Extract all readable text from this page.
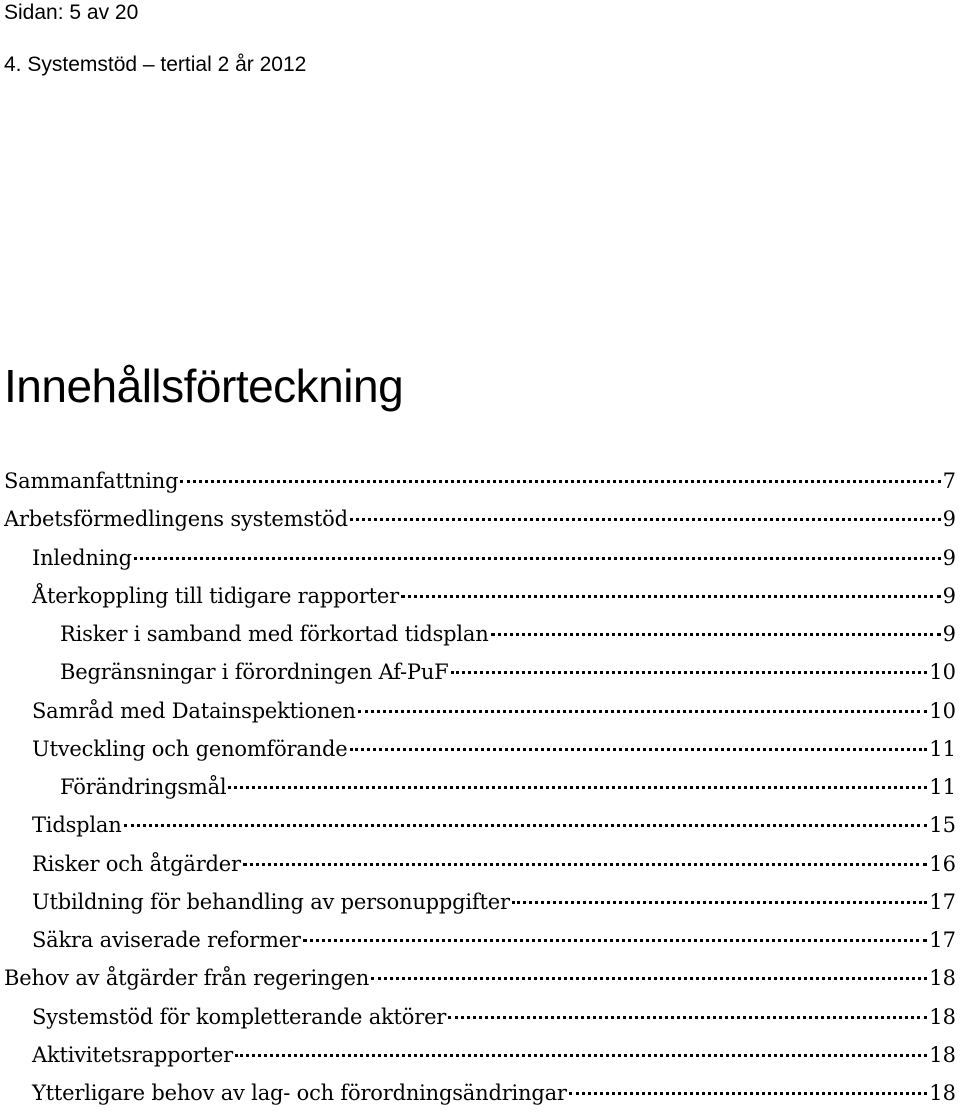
Sidan: 5 av 20
4. Systemstöd – tertial 2 år 2012
Innehållsförteckning
Sammanfattning	7
Arbetsförmedlingens systemstöd	9
Inledning	9
Återkoppling till tidigare rapporter	9
Risker i samband med förkortad tidsplan	9
Begränsningar i förordningen Af-PuF	10
Samråd med Datainspektionen	10
Utveckling och genomförande	11
Förändringsmål	11
Tidsplan	15
Risker och åtgärder	16
Utbildning för behandling av personuppgifter	17
Säkra aviserade reformer	17
Behov av åtgärder från regeringen	18
Systemstöd för kompletterande aktörer	18
Aktivitetsrapporter	18
Ytterligare behov av lag- och förordningsändringar	18
